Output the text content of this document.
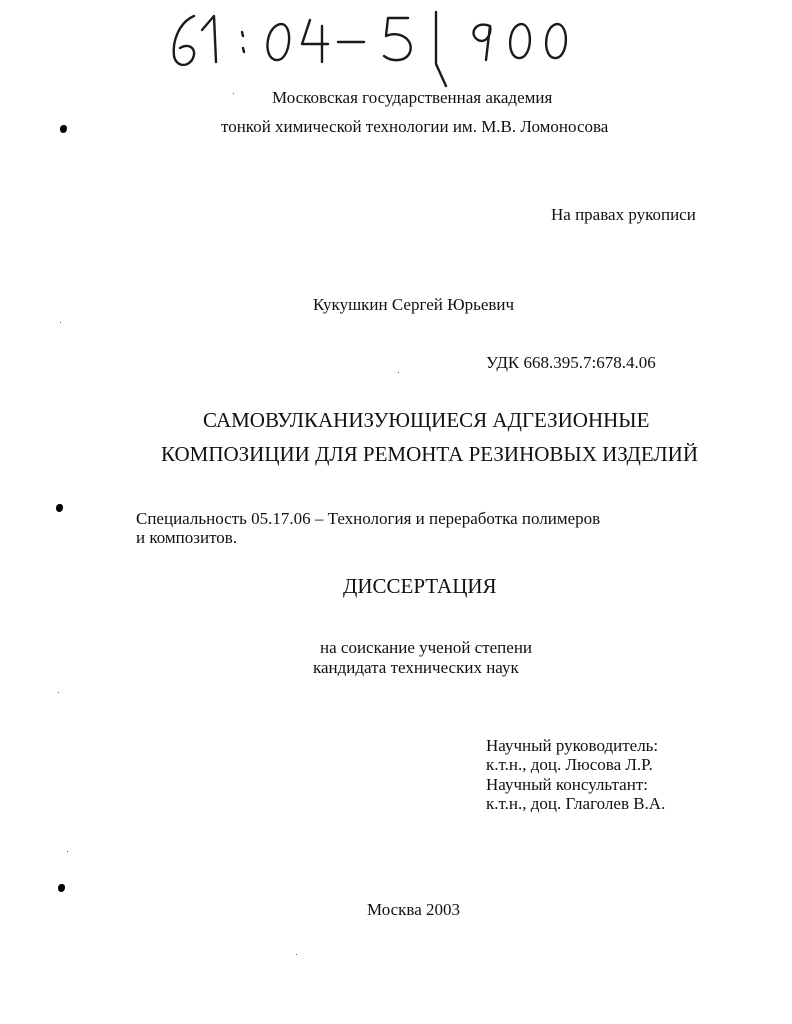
Московская государственная академия
тонкой химической технологии им. М.В. Ломоносова
На правах рукописи
Кукушкин Сергей Юрьевич
УДК 668.395.7:678.4.06
САМОВУЛКАНИЗУЮЩИЕСЯ АДГЕЗИОННЫЕ
КОМПОЗИЦИИ ДЛЯ РЕМОНТА РЕЗИНОВЫХ ИЗДЕЛИЙ
Специальность 05.17.06 – Технология и переработка полимеров
и композитов.
ДИССЕРТАЦИЯ
на соискание ученой степени
кандидата технических наук
Научный руководитель:
к.т.н., доц. Люсова Л.Р.
Научный консультант:
к.т.н., доц. Глаголев В.А.
Москва 2003
